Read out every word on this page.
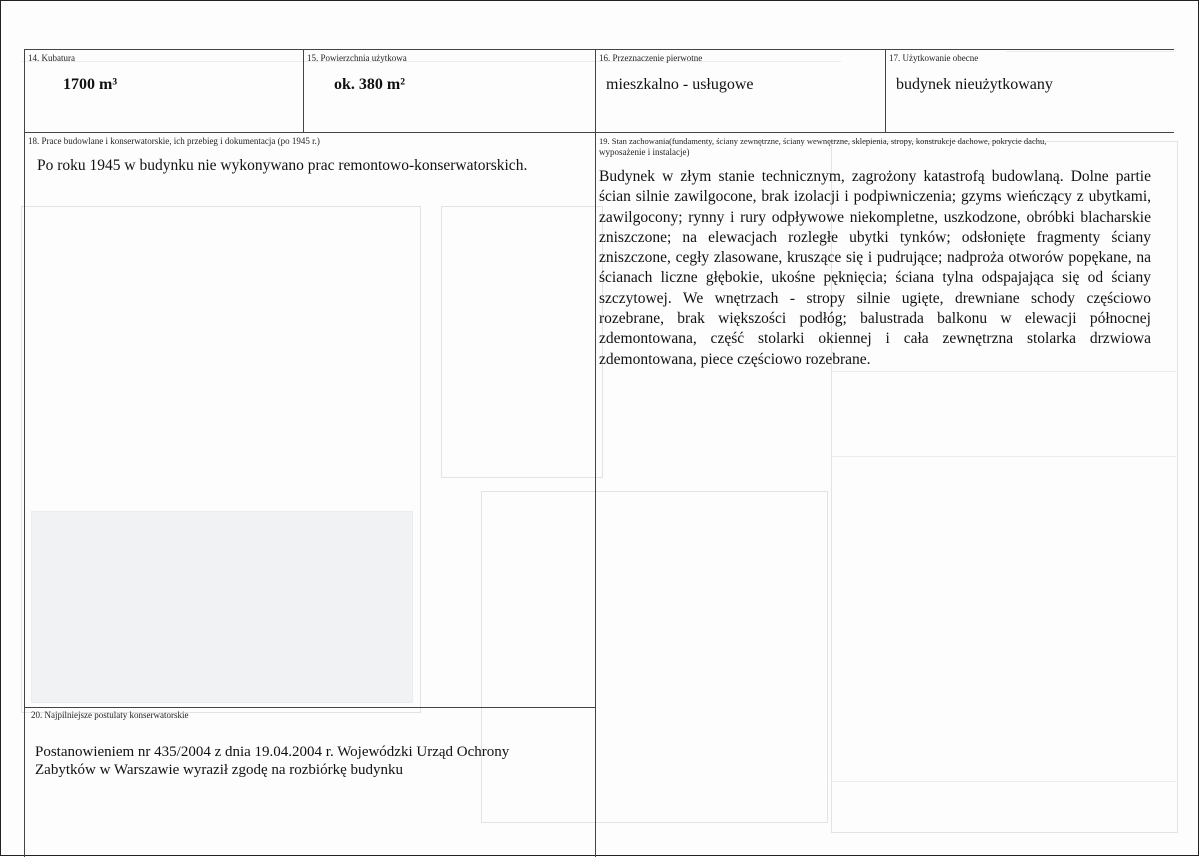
14. Kubatura
1700 m³
15. Powierzchnia użytkowa
ok. 380 m²
16. Przeznaczenie pierwotne
mieszkalno - usługowe
17. Użytkowanie obecne
budynek nieużytkowany
18. Prace budowlane i konserwatorskie, ich przebieg i dokumentacja (po 1945 r.)
Po roku 1945 w budynku nie wykonywano prac remontowo-konserwatorskich.
19. Stan zachowania(fundamenty, ściany zewnętrzne, ściany wewnętrzne, sklepienia, stropy, konstrukcje dachowe, pokrycie dachu,
wyposażenie i instalacje)
Budynek w złym stanie technicznym, zagrożony katastrofą budowlaną. Dolne partie ścian silnie zawilgocone, brak izolacji i podpiwniczenia; gzyms wieńczący z ubytkami, zawilgocony; rynny i rury odpływowe niekompletne, uszkodzone, obróbki blacharskie zniszczone; na elewacjach rozległe ubytki tynków; odsłonięte fragmenty ściany zniszczone, cegły zlasowane, kruszące się i pudrujące; nadproża otworów popękane, na ścianach liczne głębokie, ukośne pęknięcia; ściana tylna odspajająca się od ściany szczytowej. We wnętrzach - stropy silnie ugięte, drewniane schody częściowo rozebrane, brak większości podłóg; balustrada balkonu w elewacji północnej zdemontowana, część stolarki okiennej i cała zewnętrzna stolarka drzwiowa zdemontowana, piece częściowo rozebrane.
20. Najpilniejsze postulaty konserwatorskie
Postanowieniem nr 435/2004 z dnia 19.04.2004 r. Wojewódzki Urząd Ochrony
Zabytków w Warszawie wyraził zgodę na rozbiórkę budynku
